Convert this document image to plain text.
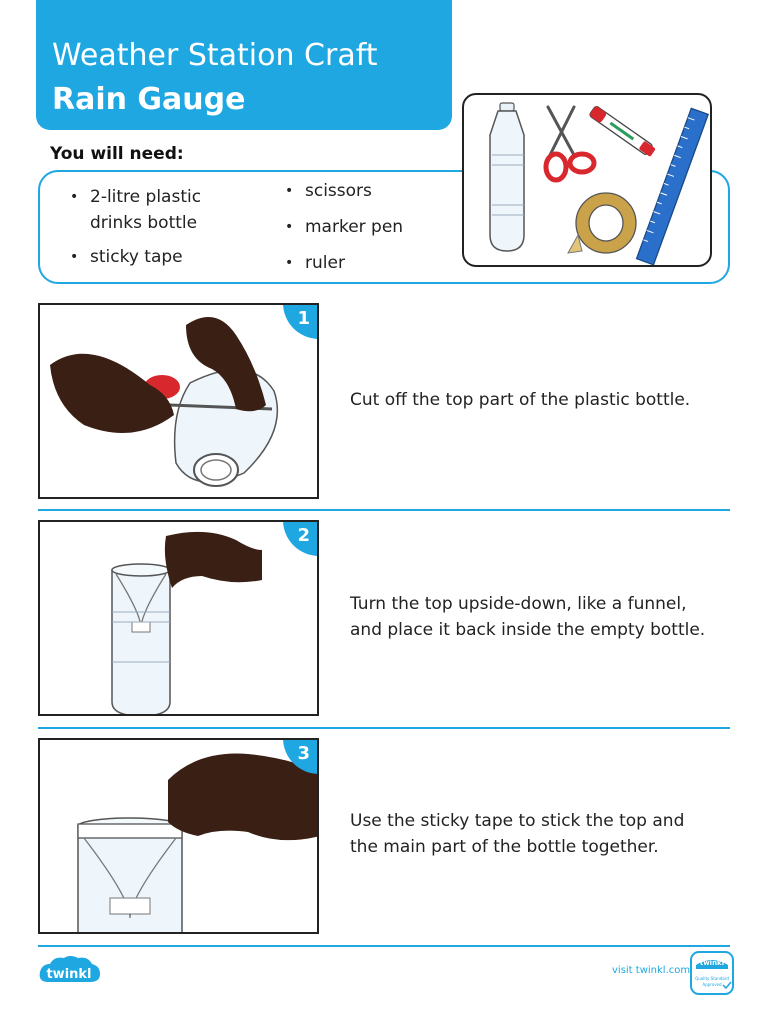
Weather Station Craft
Rain Gauge
You will need:
• 2-litre plastic
drinks bottle
• sticky tape
• scissors
• marker pen
• ruler
1
Cut off the top part of the plastic bottle.
2
Turn the top upside-down, like a funnel,
and place it back inside the empty bottle.
3
Use the sticky tape to stick the top and
the main part of the bottle together.
twinkl	visit twinkl.com
twinkl
Quality Standard
Approved
